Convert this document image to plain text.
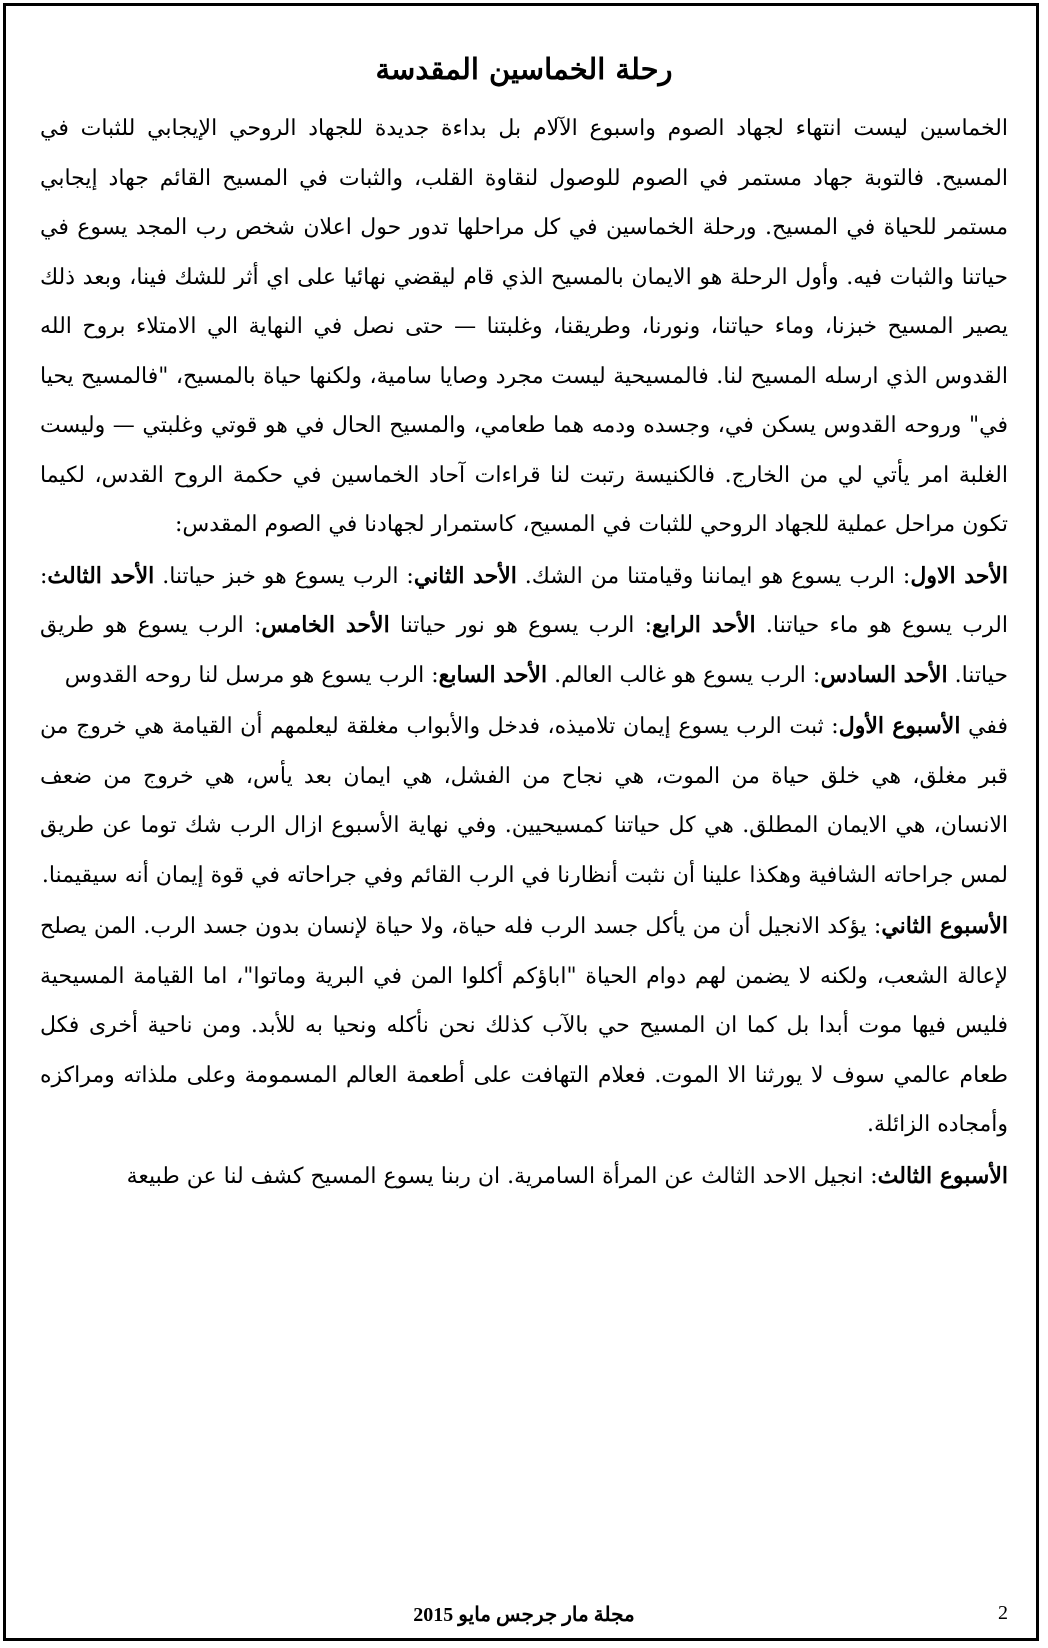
رحلة الخماسين المقدسة

الخماسين ليست انتهاء لجهاد الصوم واسبوع الآلام بل بداءة جديدة للجهاد الروحي الإيجابي للثبات في المسيح. فالتوبة جهاد مستمر في الصوم للوصول لنقاوة القلب، والثبات في المسيح القائم جهاد إيجابي مستمر للحياة في المسيح. ورحلة الخماسين في كل مراحلها تدور حول اعلان شخص رب المجد يسوع في حياتنا والثبات فيه. وأول الرحلة هو الايمان بالمسيح الذي قام ليقضي نهائيا على اي أثر للشك فينا، وبعد ذلك يصير المسيح خبزنا، وماء حياتنا، ونورنا، وطريقنا، وغلبتنا — حتى نصل في النهاية الي الامتلاء بروح الله القدوس الذي ارسله المسيح لنا. فالمسيحية ليست مجرد وصايا سامية، ولكنها حياة بالمسيح، "فالمسيح يحيا في" وروحه القدوس يسكن في، وجسده ودمه هما طعامي، والمسيح الحال في هو قوتي وغلبتي — وليست الغلبة امر يأتي لي من الخارج. فالكنيسة رتبت لنا قراءات آحاد الخماسين في حكمة الروح القدس، لكيما تكون مراحل عملية للجهاد الروحي للثبات في المسيح، كاستمرار لجهادنا في الصوم المقدس:

الأحد الاول: الرب يسوع هو ايماننا وقيامتنا من الشك. الأحد الثاني: الرب يسوع هو خبز حياتنا. الأحد الثالث: الرب يسوع هو ماء حياتنا. الأحد الرابع: الرب يسوع هو نور حياتنا الأحد الخامس: الرب يسوع هو طريق حياتنا. الأحد السادس: الرب يسوع هو غالب العالم. الأحد السابع: الرب يسوع هو مرسل لنا روحه القدوس

ففي الأسبوع الأول: ثبت الرب يسوع إيمان تلاميذه، فدخل والأبواب مغلقة ليعلمهم أن القيامة هي خروج من قبر مغلق، هي خلق حياة من الموت، هي نجاح من الفشل، هي ايمان بعد يأس، هي خروج من ضعف الانسان، هي الايمان المطلق. هي كل حياتنا كمسيحيين. وفي نهاية الأسبوع ازال الرب شك توما عن طريق لمس جراحاته الشافية وهكذا علينا أن نثبت أنظارنا في الرب القائم وفي جراحاته في قوة إيمان أنه سيقيمنا.

الأسبوع الثاني: يؤكد الانجيل أن من يأكل جسد الرب فله حياة، ولا حياة لإنسان بدون جسد الرب. المن يصلح لإعالة الشعب، ولكنه لا يضمن لهم دوام الحياة "اباؤكم أكلوا المن في البرية وماتوا"، اما القيامة المسيحية فليس فيها موت أبدا بل كما ان المسيح حي بالآب كذلك نحن نأكله ونحيا به للأبد. ومن ناحية أخرى فكل طعام عالمي سوف لا يورثنا الا الموت. فعلام التهافت على أطعمة العالم المسمومة وعلى ملذاته ومراكزه وأمجاده الزائلة.

الأسبوع الثالث: انجيل الاحد الثالث عن المرأة السامرية. ان ربنا يسوع المسيح كشف لنا عن طبيعة

مجلة مار جرجس مايو 2015	2
